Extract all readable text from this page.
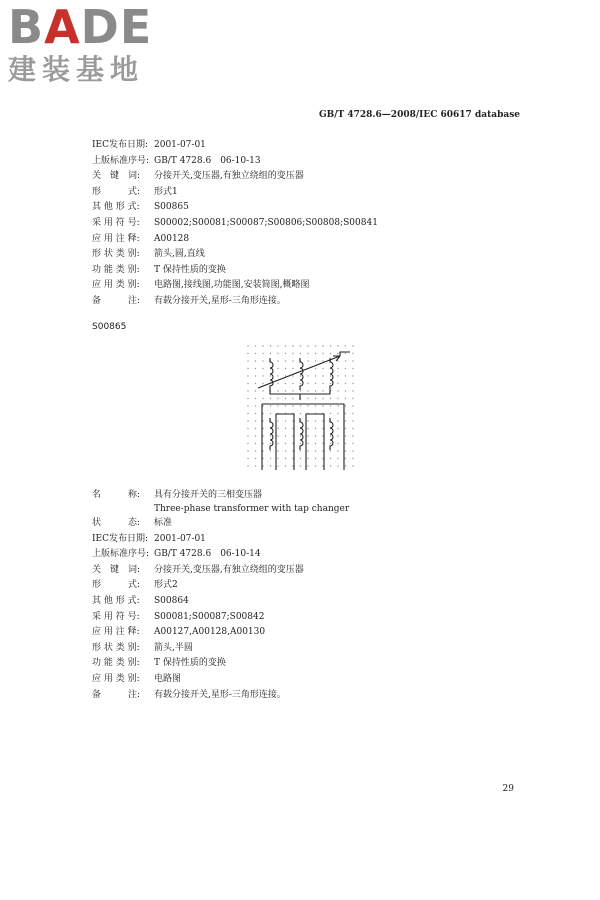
BADE
建装基地
GB/T 4728.6—2008/IEC 60617 database
IEC发布日期: 2001-07-01
上版标准序号: GB/T 4728.6　06-10-13
关　键　词: 分接开关,变压器,有独立绕组的变压器
形　　　式: 形式1
其 他 形 式: S00865
采 用 符 号: S00002;S00081;S00087;S00806;S00808;S00841
应 用 注 释: A00128
形 状 类 别: 箭头,圆,直线
功 能 类 别: T 保持性质的变换
应 用 类 别: 电路图,接线图,功能图,安装简图,概略图
备　　　注: 有载分接开关,星形-三角形连接。
S00865
名　　　称: 具有分接开关的三相变压器
Three-phase transformer with tap changer
状　　　态: 标准
IEC发布日期: 2001-07-01
上版标准序号: GB/T 4728.6　06-10-14
关　键　词: 分接开关,变压器,有独立绕组的变压器
形　　　式: 形式2
其 他 形 式: S00864
采 用 符 号: S00081;S00087;S00842
应 用 注 释: A00127,A00128,A00130
形 状 类 别: 箭头,半圆
功 能 类 别: T 保持性质的变换
应 用 类 别: 电路图
备　　　注: 有载分接开关,星形-三角形连接。
29
